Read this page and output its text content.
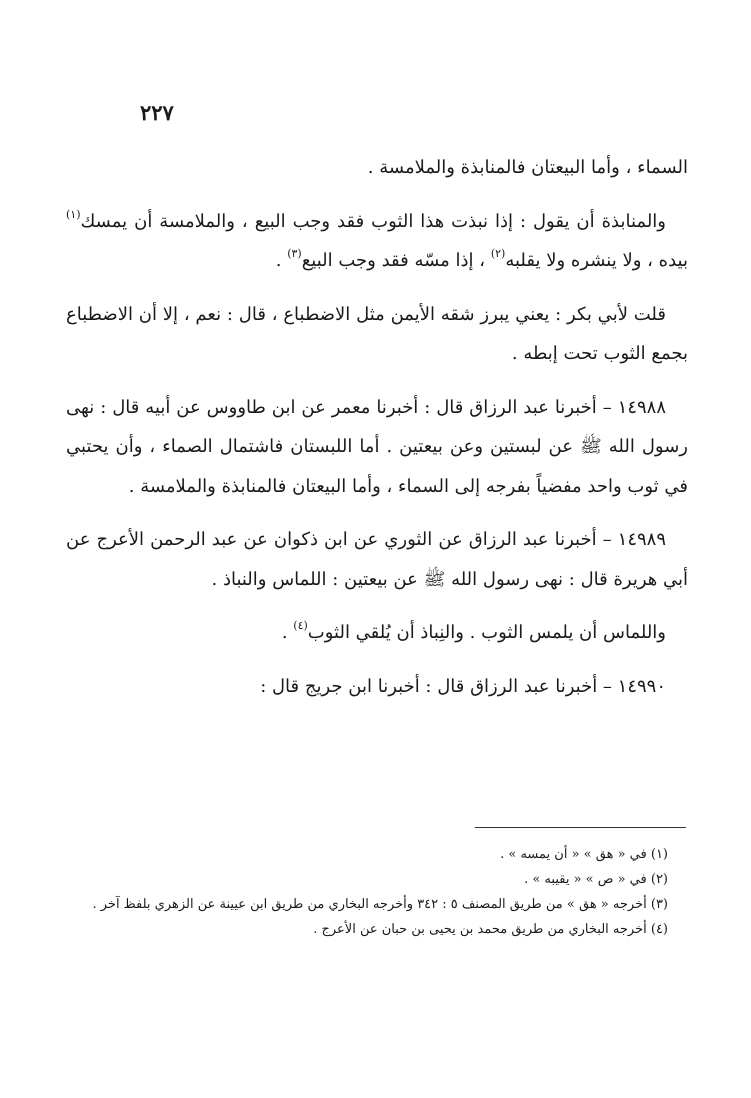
٢٢٧

السماء ، وأما البيعتان فالمنابذة والملامسة .

والمنابذة أن يقول : إذا نبذت هذا الثوب فقد وجب البيع ، والملامسة أن يمسك$^{(١)}$ بيده ، ولا ينشره ولا يقلبه$^{(٢)}$ ، إذا مسّه فقد وجب البيع$^{(٣)}$ .

قلت لأبي بكر : يعني يبرز شقه الأيمن مثل الاضطباع ، قال : نعم ، إلا أن الاضطباع بجمع الثوب تحت إبطه .

١٤٩٨٨ – أخبرنا عبد الرزاق قال : أخبرنا معمر عن ابن طاووس عن أبيه قال : نهى رسول الله ﷺ عن لبستين وعن بيعتين . أما اللبستان فاشتمال الصماء ، وأن يحتبي في ثوب واحد مفضياً بفرجه إلى السماء ، وأما البيعتان فالمنابذة والملامسة .

١٤٩٨٩ – أخبرنا عبد الرزاق عن الثوري عن ابن ذكوان عن عبد الرحمن الأعرج عن أبي هريرة قال : نهى رسول الله ﷺ عن بيعتين : اللماس والنباذ .

واللماس أن يلمس الثوب . والنِباذ أن يُلقي الثوب$^{(٤)}$ .

١٤٩٩٠ – أخبرنا عبد الرزاق قال : أخبرنا ابن جريج قال :

(١) في « هق » « أن يمسه » .

(٢) في « ص » « يقيبه » .

(٣) أخرجه « هق » من طريق المصنف ٥ : ٣٤٢ وأخرجه البخاري من طريق ابن عيينة عن الزهري بلفظ آخر .

(٤) أخرجه البخاري من طريق محمد بن يحيى بن حبان عن الأعرج .
